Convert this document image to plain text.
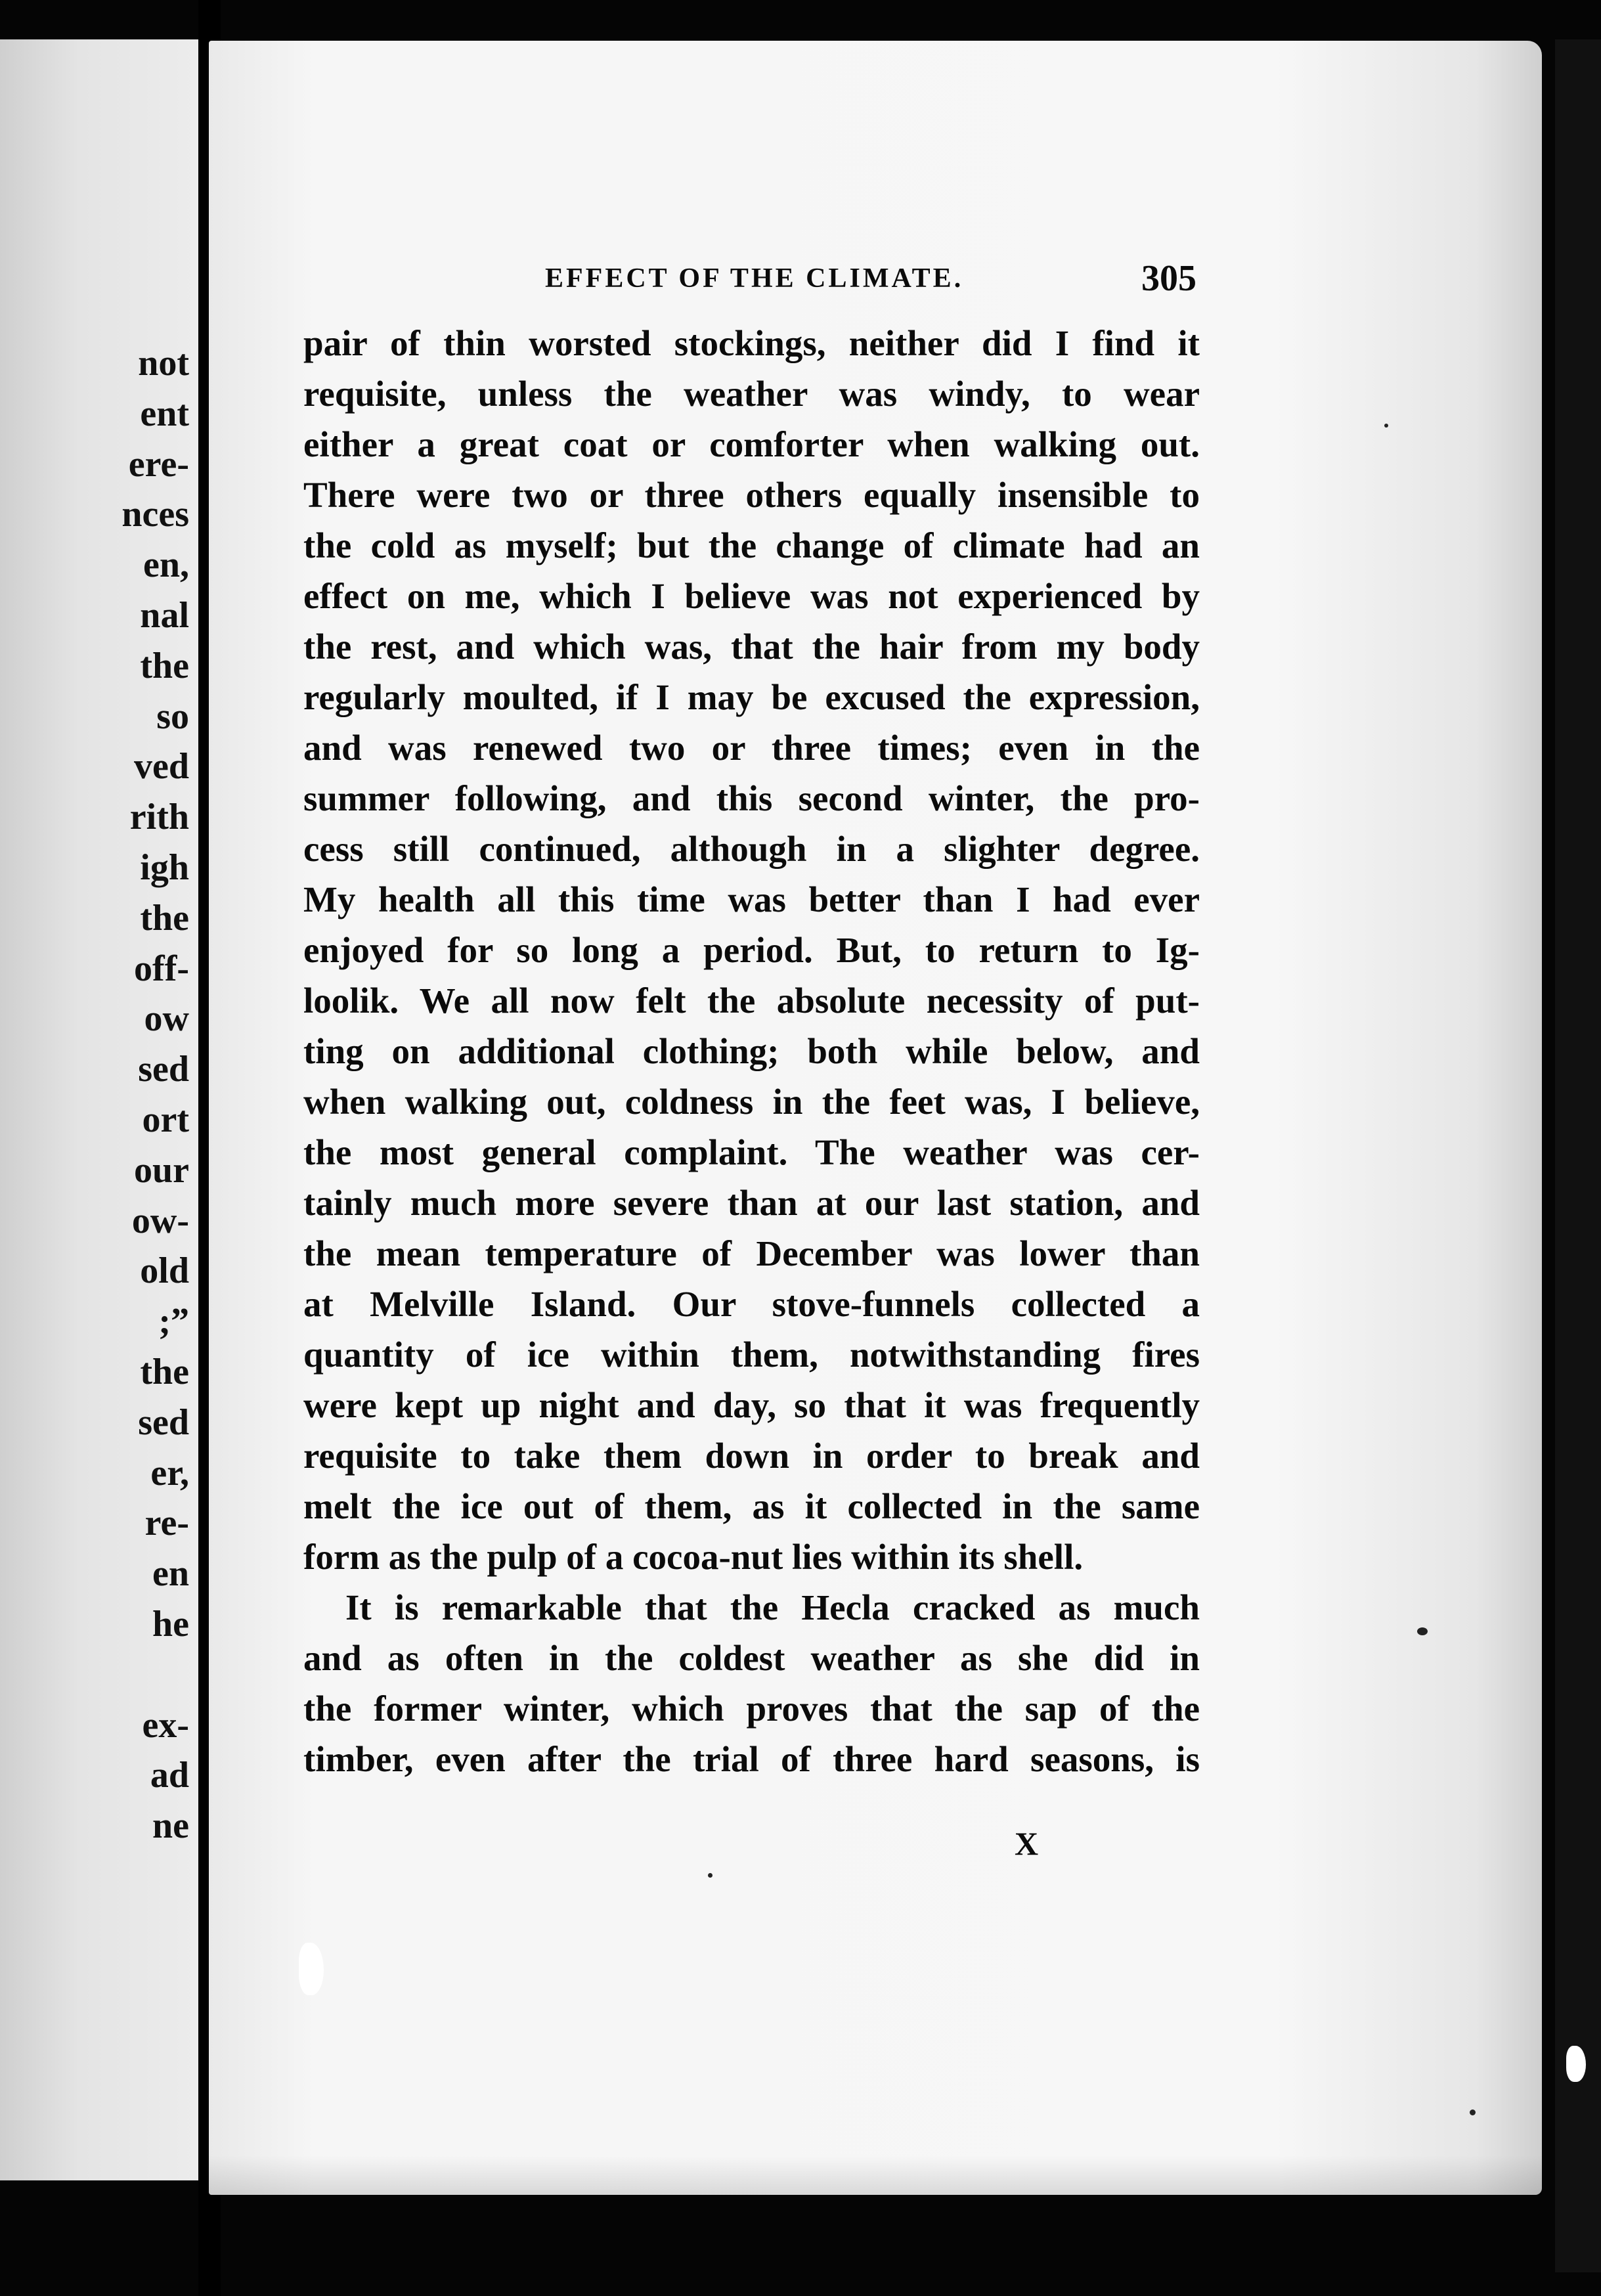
not
ent
ere-
nces
en,
nal
the
so
ved
rith
igh
the
off-
ow
sed
ort
our
ow-
old
;”
the
sed
er,
re-
en
he
ex-
ad
ne
EFFECT OF THE CLIMATE.	305
pair of thin worsted stockings, neither did I find it
requisite, unless the weather was windy, to wear
either a great coat or comforter when walking out.
There were two or three others equally insensible to
the cold as myself; but the change of climate had an
effect on me, which I believe was not experienced by
the rest, and which was, that the hair from my body
regularly moulted, if I may be excused the expression,
and was renewed two or three times; even in the
summer following, and this second winter, the pro-
cess still continued, although in a slighter degree.
My health all this time was better than I had ever
enjoyed for so long a period. But, to return to Ig-
loolik. We all now felt the absolute necessity of put-
ting on additional clothing; both while below, and
when walking out, coldness in the feet was, I believe,
the most general complaint. The weather was cer-
tainly much more severe than at our last station, and
the mean temperature of December was lower than
at Melville Island. Our stove-funnels collected a
quantity of ice within them, notwithstanding fires
were kept up night and day, so that it was frequently
requisite to take them down in order to break and
melt the ice out of them, as it collected in the same
form as the pulp of a cocoa-nut lies within its shell.
It is remarkable that the Hecla cracked as much
and as often in the coldest weather as she did in
the former winter, which proves that the sap of the
timber, even after the trial of three hard seasons, is
X
